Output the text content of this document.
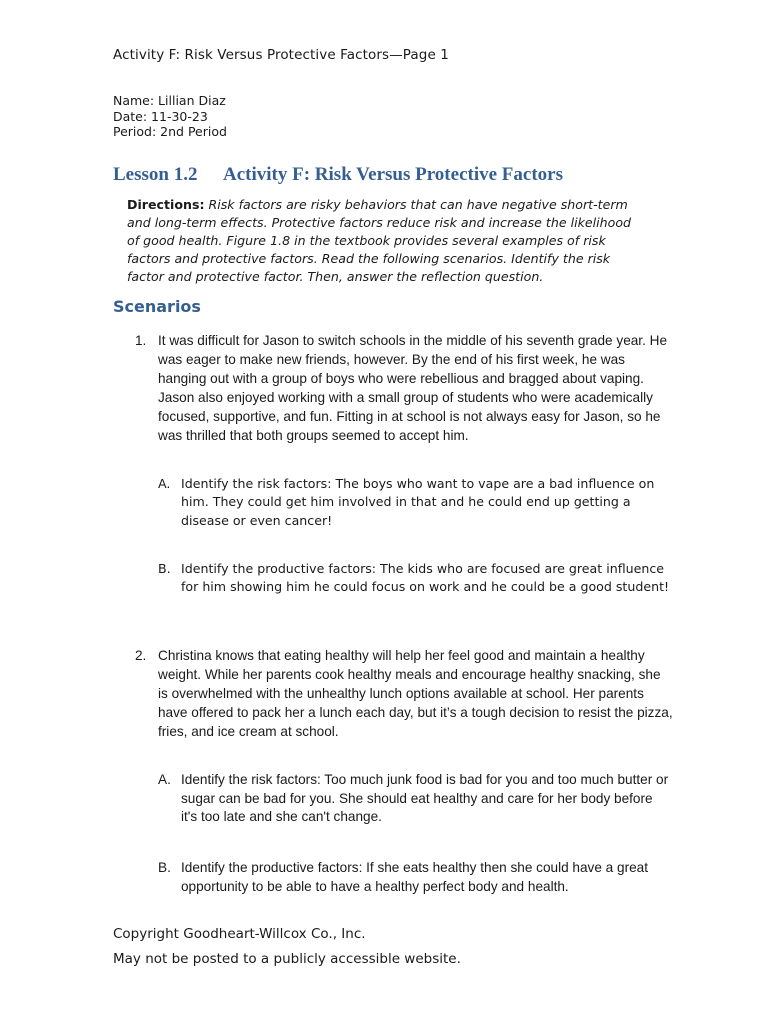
Activity F: Risk Versus Protective Factors—Page 1
Name: Lillian Diaz
Date: 11-30-23
Period: 2nd Period
Lesson 1.2 Activity F: Risk Versus Protective Factors
Directions: Risk factors are risky behaviors that can have negative short-term and long-term effects. Protective factors reduce risk and increase the likelihood of good health. Figure 1.8 in the textbook provides several examples of risk factors and protective factors. Read the following scenarios. Identify the risk factor and protective factor. Then, answer the reflection question.
Scenarios
1. It was difficult for Jason to switch schools in the middle of his seventh grade year. He was eager to make new friends, however. By the end of his first week, he was hanging out with a group of boys who were rebellious and bragged about vaping. Jason also enjoyed working with a small group of students who were academically focused, supportive, and fun. Fitting in at school is not always easy for Jason, so he was thrilled that both groups seemed to accept him.
A. Identify the risk factors: The boys who want to vape are a bad influence on him. They could get him involved in that and he could end up getting a disease or even cancer!
B. Identify the productive factors: The kids who are focused are great influence for him showing him he could focus on work and he could be a good student!
2. Christina knows that eating healthy will help her feel good and maintain a healthy weight. While her parents cook healthy meals and encourage healthy snacking, she is overwhelmed with the unhealthy lunch options available at school. Her parents have offered to pack her a lunch each day, but it’s a tough decision to resist the pizza, fries, and ice cream at school.
A. Identify the risk factors: Too much junk food is bad for you and too much butter or sugar can be bad for you. She should eat healthy and care for her body before it's too late and she can't change.
B. Identify the productive factors: If she eats healthy then she could have a great opportunity to be able to have a healthy perfect body and health.
Copyright Goodheart-Willcox Co., Inc.
May not be posted to a publicly accessible website.
